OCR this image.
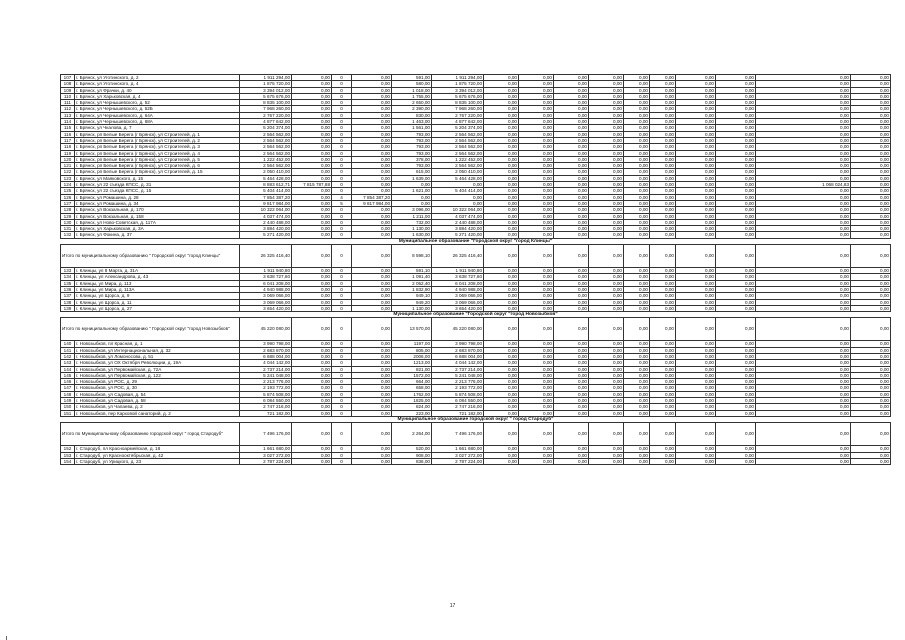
107	г. Брянск, ул Уготинского, д. 2	1 911 294,00	0,00	0	0,00	591,00	1 911 294,00	0,00	0,00	0,00	0,00	0,00	0,00	0,00	0,00	0,00	0,00
108	г. Брянск, ул Уготинского, д. 4	1 875 720,00	0,00	0	0,00	580,00	1 875 720,00	0,00	0,00	0,00	0,00	0,00	0,00	0,00	0,00	0,00	0,00
109	г. Брянск, ул Фрачки, д. 40	3 394 012,00	0,00	0	0,00	1 018,00	3 394 012,00	0,00	0,00	0,00	0,00	0,00	0,00	0,00	0,00	0,00	0,00
110	г. Брянск, ул Харьковская, д. 4	5 675 676,00	0,00	0	0,00	1 755,00	5 675 676,00	0,00	0,00	0,00	0,00	0,00	0,00	0,00	0,00	0,00	0,00
111	г. Брянск, ул Чернышевского, д. 52	8 835 100,00	0,00	0	0,00	2 650,00	8 835 100,00	0,00	0,00	0,00	0,00	0,00	0,00	0,00	0,00	0,00	0,00
112	г. Брянск, ул Чернышевского, д. 52Б	7 968 260,00	0,00	0	0,00	2 390,00	7 968 260,00	0,00	0,00	0,00	0,00	0,00	0,00	0,00	0,00	0,00	0,00
113	г. Брянск, ул Чернышевского, д. 64А	2 767 220,00	0,00	0	0,00	830,00	2 767 220,00	0,00	0,00	0,00	0,00	0,00	0,00	0,00	0,00	0,00	0,00
114	г. Брянск, ул Чернышевского, д. 68А	4 877 642,00	0,00	0	0,00	1 463,00	4 877 642,00	0,00	0,00	0,00	0,00	0,00	0,00	0,00	0,00	0,00	0,00
115	г. Брянск, ул Чкалова, д. 7	5 204 374,00	0,00	0	0,00	1 561,00	5 204 374,00	0,00	0,00	0,00	0,00	0,00	0,00	0,00	0,00	0,00	0,00
116	г. Брянск, рп Белые Берега (г Брянск), ул Строителей, д. 1	2 564 562,00	0,00	0	0,00	793,00	2 564 562,00	0,00	0,00	0,00	0,00	0,00	0,00	0,00	0,00	0,00	0,00
117	г. Брянск, рп Белые Берега (г Брянск), ул Строителей, д. 2	2 564 562,00	0,00	0	0,00	793,00	2 564 562,00	0,00	0,00	0,00	0,00	0,00	0,00	0,00	0,00	0,00	0,00
118	г. Брянск, рп Белые Берега (г Брянск), ул Строителей, д. 3	2 564 562,00	0,00	0	0,00	793,00	2 564 562,00	0,00	0,00	0,00	0,00	0,00	0,00	0,00	0,00	0,00	0,00
119	г. Брянск, рп Белые Берега (г Брянск), ул Строителей, д. 4	2 564 562,00	0,00	0	0,00	793,00	2 564 562,00	0,00	0,00	0,00	0,00	0,00	0,00	0,00	0,00	0,00	0,00
120	г. Брянск, рп Белые Берега (г Брянск), ул Строителей, д. 5	1 222 452,00	0,00	0	0,00	378,00	1 222 452,00	0,00	0,00	0,00	0,00	0,00	0,00	0,00	0,00	0,00	0,00
121	г. Брянск, рп Белые Берега (г Брянск), ул Строителей, д. 6	2 564 562,00	0,00	0	0,00	793,00	2 564 562,00	0,00	0,00	0,00	0,00	0,00	0,00	0,00	0,00	0,00	0,00
122	г. Брянск, рп Белые Берега (г Брянск), ул Строителей, д. 15	2 050 410,00	0,00	0	0,00	615,00	2 050 410,00	0,00	0,00	0,00	0,00	0,00	0,00	0,00	0,00	0,00	0,00
123	г. Брянск, ул Маяковского, д. 15	5 464 428,00	0,00	0	0,00	1 639,00	5 464 428,00	0,00	0,00	0,00	0,00	0,00	0,00	0,00	0,00	0,00	0,00
124	г. Брянск, ул 22 съезда КПСС, д. 31	8 883 612,71	7 815 787,88	0	0,00	0,00	0,00	0,00	0,00	0,00	0,00	0,00	0,00	0,00	0,00	1 068 024,83	0,00
125	г. Брянск, ул 22 съезда КПСС, д. 15	5 404 414,00	0,00	0	0,00	1 621,00	5 404 414,00	0,00	0,00	0,00	0,00	0,00	0,00	0,00	0,00	0,00	0,00
126	г. Брянск, ул Ромашина, д. 28	7 854 387,20	0,00	4	7 854 387,20	0,00	0,00	0,00	0,00	0,00	0,00	0,00	0,00	0,00	0,00	0,00	0,00
127	г. Брянск, ул Ромашина, д. 34	9 817 984,00	0,00	5	9 817 984,00	0,00	0,00	0,00	0,00	0,00	0,00	0,00	0,00	0,00	0,00	0,00	0,00
128	г. Брянск, ул Вокзальная, д. 170	10 322 064,00	0,00	0	0,00	3 096,00	10 322 064,00	0,00	0,00	0,00	0,00	0,00	0,00	0,00	0,00	0,00	0,00
129	г. Брянск, ул Вокзальная, д. 158	4 037 474,00	0,00	0	0,00	1 211,00	4 037 474,00	0,00	0,00	0,00	0,00	0,00	0,00	0,00	0,00	0,00	0,00
130	г. Брянск, ул Ново-Советская, д. 117А	2 440 488,00	0,00	0	0,00	732,00	2 440 488,00	0,00	0,00	0,00	0,00	0,00	0,00	0,00	0,00	0,00	0,00
131	г. Брянск, ул Харьковская, д. 3А	3 884 420,00	0,00	0	0,00	1 130,00	3 884 420,00	0,00	0,00	0,00	0,00	0,00	0,00	0,00	0,00	0,00	0,00
132	г. Брянск, ул Фокина, д. 37	5 271 420,00	0,00	0	0,00	1 630,00	5 271 420,00	0,00	0,00	0,00	0,00	0,00	0,00	0,00	0,00	0,00	0,00
Муниципальное образование "Городской округ "город Клинцы"																	
Итого по муниципальному образованию " Городской округ "город Клинцы"		26 325 416,40	0,00	0	0,00	8 598,10	26 325 416,40	0,00	0,00	0,00	0,00	0,00	0,00	0,00	0,00	0,00	0,00
133	г. Клинцы, ул 8 Марта, д. 31А	1 911 940,80	0,00	0	0,00	591,10	1 911 940,80	0,00	0,00	0,00	0,00	0,00	0,00	0,00	0,00	0,00	0,00
134	г. Клинцы, ул Александрова, д. 43	3 638 727,60	0,00	0	0,00	1 091,40	3 638 727,60	0,00	0,00	0,00	0,00	0,00	0,00	0,00	0,00	0,00	0,00
135	г. Клинцы, ул Мира, д. 113	6 041 208,00	0,00	0	0,00	2 052,40	6 041 208,00	0,00	0,00	0,00	0,00	0,00	0,00	0,00	0,00	0,00	0,00
136	г. Клинцы, ул Мира, д. 113А	4 940 988,00	0,00	0	0,00	1 832,90	4 940 988,00	0,00	0,00	0,00	0,00	0,00	0,00	0,00	0,00	0,00	0,00
137	г. Клинцы, ул Щорса, д. 9	3 069 066,00	0,00	0	0,00	949,10	3 069 066,00	0,00	0,00	0,00	0,00	0,00	0,00	0,00	0,00	0,00	0,00
138	г. Клинцы, ул Щорса, д. 11	3 069 066,00	0,00	0	0,00	949,20	3 069 066,00	0,00	0,00	0,00	0,00	0,00	0,00	0,00	0,00	0,00	0,00
139	г. Клинцы, ул Щорса, д. 27	3 654 420,00	0,00	0	0,00	1 130,00	3 654 420,00	0,00	0,00	0,00	0,00	0,00	0,00	0,00	0,00	0,00	0,00
Муниципальное образование "Городской округ "город Новозыбков"																	
Итого по муниципальному образованию " Городской округ "город Новозыбков"		45 220 080,00	0,00	0	0,00	13 570,00	45 220 080,00	0,00	0,00	0,00	0,00	0,00	0,00	0,00	0,00	0,00	0,00
140	г. Новозыбков, пл Красная, д. 1	3 990 798,00	0,00	0	0,00	1197,00	3 990 798,00	0,00	0,00	0,00	0,00	0,00	0,00	0,00	0,00	0,00	0,00
141	г. Новозыбков, ул Интернациональная, д. 32	2 683 870,00	0,00	0	0,00	805,00	2 683 870,00	0,00	0,00	0,00	0,00	0,00	0,00	0,00	0,00	0,00	0,00
142	г. Новозыбков, ул Ломоносова, д. 51	6 688 004,00	0,00	0	0,00	2006,00	6 688 004,00	0,00	0,00	0,00	0,00	0,00	0,00	0,00	0,00	0,00	0,00
143	г. Новозыбков, ул ОХ Октября Революции, д. 19А	4 044 142,00	0,00	0	0,00	1213,00	4 044 142,00	0,00	0,00	0,00	0,00	0,00	0,00	0,00	0,00	0,00	0,00
144	г. Новозыбков, ул Первомайская, д. 72А	2 737 214,00	0,00	0	0,00	821,00	2 737 214,00	0,00	0,00	0,00	0,00	0,00	0,00	0,00	0,00	0,00	0,00
145	г. Новозыбков, ул Первомайская, д. 122	5 241 048,00	0,00	0	0,00	1572,00	5 241 048,00	0,00	0,00	0,00	0,00	0,00	0,00	0,00	0,00	0,00	0,00
146	г. Новозыбков, ул РОС, д. 29	2 213 776,00	0,00	0	0,00	664,00	2 213 776,00	0,00	0,00	0,00	0,00	0,00	0,00	0,00	0,00	0,00	0,00
147	г. Новозыбков, ул РОС, д. 30	2 193 772,00	0,00	0	0,00	658,00	2 193 772,00	0,00	0,00	0,00	0,00	0,00	0,00	0,00	0,00	0,00	0,00
148	г. Новозыбков, ул Садовая, д. 54	5 874 508,00	0,00	0	0,00	1762,00	5 874 508,00	0,00	0,00	0,00	0,00	0,00	0,00	0,00	0,00	0,00	0,00
149	г. Новозыбков, ул Садовая, д. 58	6 084 550,00	0,00	0	0,00	1825,00	6 084 550,00	0,00	0,00	0,00	0,00	0,00	0,00	0,00	0,00	0,00	0,00
150	г. Новозыбков, ул Чапаева, д. 2	2 747 216,00	0,00	0	0,00	824,00	2 747 216,00	0,00	0,00	0,00	0,00	0,00	0,00	0,00	0,00	0,00	0,00
151	г. Новозыбков, пер Карховой санаторий, д. 2	721 182,00	0,00	0	0,00	223,00	721 182,00	0,00	0,00	0,00	0,00	0,00	0,00	0,00	0,00	0,00	0,00
Муниципальное образование городской округ " город Стародуб"																	
Итого по Муниципальному образованию городской округ " город Стародуб"		7 496 176,00	0,00	0	0,00	2 264,00	7 496 176,00	0,00	0,00	0,00	0,00	0,00	0,00	0,00	0,00	0,00	0,00
152	г. Стародуб, пл Красноармейская, д. 18	1 661 680,00	0,00	0	0,00	520,00	1 661 680,00	0,00	0,00	0,00	0,00	0,00	0,00	0,00	0,00	0,00	0,00
153	г. Стародуб, ул Краснооктябрьская, д. 42	3 027 272,00	0,00	0	0,00	908,00	3 027 272,00	0,00	0,00	0,00	0,00	0,00	0,00	0,00	0,00	0,00	0,00
154	г. Стародуб, ул Урицкого, д. 23	2 787 224,00	0,00	0	0,00	836,00	2 787 224,00	0,00	0,00	0,00	0,00	0,00	0,00	0,00	0,00	0,00	0,00
17
